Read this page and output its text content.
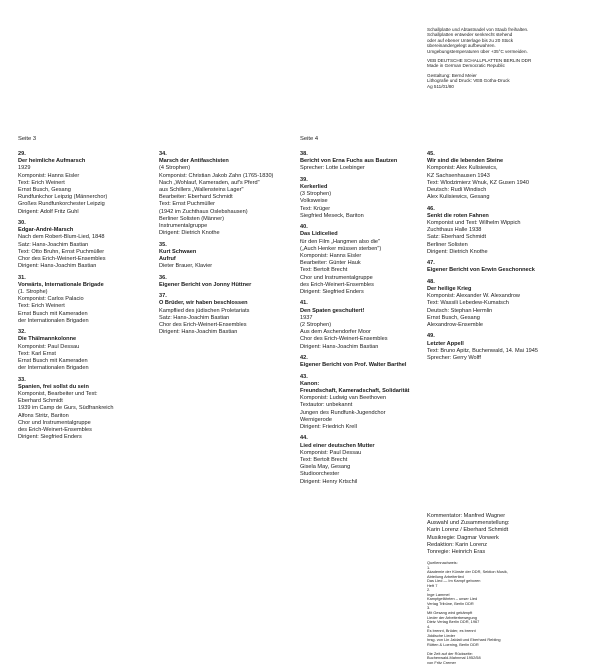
Schallplatte und Abtastnadel von Staub freihalten.
Schallplatten entweder senkrecht stehend
oder auf ebener Unterlage bis zu 20 Stück
übereinandergelegt aufbewahren.
Umgebungstemperaturen über +35°C vermeiden.

VEB DEUTSCHE SCHALLPLATTEN BERLIN DDR
Made in German Democratic Republic

Gestaltung: Bernd Meier
Lithografie und Druck: VEB Gotha-Druck
Ag 511/01/80

Seite 3	Seite 4
29.
Der heimliche Aufmarsch
1929
Komponist: Hanns Eisler
Text: Erich Weinert
Ernst Busch, Gesang
Rundfunkchor Leipzig (Männerchor)
Großes Rundfunkorchester Leipzig
Dirigent: Adolf Fritz Guhl
30.
Edgar-André-Marsch
Nach dem Robert-Blum-Lied, 1848
Satz: Hans-Joachim Bastian
Text: Otto Bruhn, Ernst Puchmüller
Chor des Erich-Weinert-Ensembles
Dirigent: Hans-Joachim Bastian
31.
Vorwärts, Internationale Brigade
(1. Strophe)
Komponist: Carlos Palacio
Text: Erich Weinert
Ernst Busch mit Kameraden
der Internationalen Brigaden
32.
Die Thälmannkolonne
Komponist: Paul Dessau
Text: Karl Ernst
Ernst Busch mit Kameraden
der Internationalen Brigaden
33.
Spanien, frei sollst du sein
Komponist, Bearbeiter und Text:
Eberhard Schmidt
1939 im Camp de Gurs, Südfrankreich
Alfons Stritz, Bariton
Chor und Instrumentalgruppe
des Erich-Weinert-Ensembles
Dirigent: Siegfried Enders
34.
Marsch der Antifaschisten
(4 Strophen)
Komponist: Christian Jakob Zahn (1765-1830)
Nach „Wohlauf, Kameraden, auf's Pferd"
aus Schillers „Wallensteins Lager"
Bearbeiter: Eberhard Schmidt
Text: Ernst Puchmüller
(1942 im Zuchthaus Oslebshausen)
Berliner Solisten (Männer)
Instrumentalgruppe
Dirigent: Dietrich Knothe
35.
Kurt Schwaen
Aufruf
Dieter Brauer, Klavier
36.
Eigener Bericht von Jonny Hüttner
37.
O Brüder, wir haben beschlossen
Kampflied des jüdischen Proletariats
Satz: Hans-Joachim Bastian
Chor des Erich-Weinert-Ensembles
Dirigent: Hans-Joachim Bastian
38.
Bericht von Erna Fuchs aus Bautzen
Sprecher: Lotte Loebinger
39.
Kerkerlied
(3 Strophen)
Volksweise
Text: Krüger
Siegfried Meseck, Bariton
40.
Das Lidicelied
für den Film „Hangmen also die"
(„Auch Henker müssen sterben")
Komponist: Hanns Eisler
Bearbeiter: Günter Hauk
Text: Bertolt Brecht
Chor und Instrumentalgruppe
des Erich-Weinert-Ensembles
Dirigent: Siegfried Enders
41.
Den Spaten geschultert!
1937
(2 Strophen)
Aus dem Aschendorfer Moor
Chor des Erich-Weinert-Ensembles
Dirigent: Hans-Joachim Bastian
42.
Eigener Bericht von Prof. Walter Barthel
43.
Kanon:
Freundschaft, Kameradschaft, Solidarität
Komponist: Ludwig van Beethoven
Textautor: unbekannt
Jungen des Rundfunk-Jugendchor
Wernigerode
Dirigent: Friedrich Krell
44.
Lied einer deutschen Mutter
Komponist: Paul Dessau
Text: Bertolt Brecht
Gisela May, Gesang
Studioorchester
Dirigent: Henry Krtschil
45.
Wir sind die lebenden Steine
Komponist: Alex Kulisiewics,
KZ Sachsenhausen 1943
Text: Wlodzimierz Wnuk, KZ Gusen 1940
Deutsch: Rudi Windisch
Alex Kulisiewics, Gesang
46.
Senkt die roten Fahnen
Komponist und Text: Wilhelm Wippich
Zuchthaus Halle 1938
Satz: Eberhard Schmidt
Berliner Solisten
Dirigent: Dietrich Knothe
47.
Eigener Bericht von Erwin Geschonneck
48.
Der heilige Krieg
Komponist: Alexander W. Alexandrow
Text: Wassili Lebedew-Kumatsch
Deutsch: Stephan Hermlin
Ernst Busch, Gesang
Alexandrow-Ensemble
49.
Letzter Appell
Text: Bruno Apitz, Buchenwald, 14. Mai 1945
Sprecher: Gerry Wolff
Kommentator: Manfred Wagner
Auswahl und Zusammenstellung:
Karin Lorenz / Eberhard Schmidt
Musikregie: Dagmar Vorwerk
Redaktion: Karin Lorenz
Tonregie: Heinrich Eras
Quellennachweis:
1.
Akademie der Künste der DDR, Sektion Musik,
Abteilung Arbeiterlied
Das Lied — Im Kampf geboren
Heft 7
2.
Inge Lammel
Kampfgefährten – unser Lied
Verlag Tribüne, Berlin DDR
3.
Mit Gesang wird gekämpft
Lieder der Arbeiterbewegung
Dietz Verlag Berlin DDR, 1967
4.
Es brennt, Brüder, es brennt
Jiddische Lieder
hrsg. von Lin Jaldati und Eberhard Rebling
Rütten & Loening, Berlin DDR

Die Zeit auf der Rückseite:
Buchenwald-Mahnmal 1952/58
von Fritz Cremer
